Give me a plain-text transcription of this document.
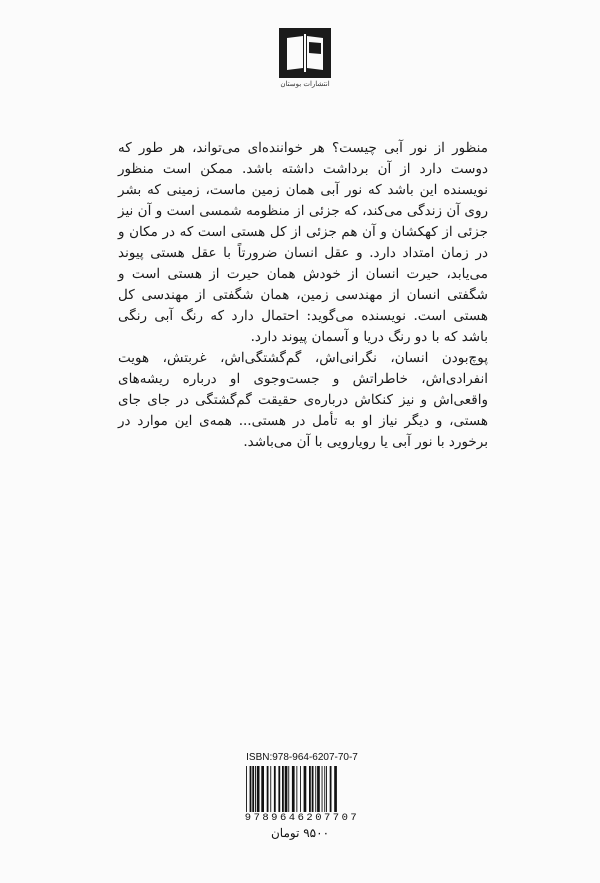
انتشارات بوستان

منظور از نور آبی چیست؟ هر خواننده‌ای می‌تواند، هر طور که دوست دارد از آن برداشت داشته باشد. ممکن است منظور نویسنده این باشد که نور آبی همان زمین ماست، زمینی که بشر روی آن زندگی می‌کند، که جزئی از منظومه شمسی است و آن نیز جزئی از کهکشان و آن هم جزئی از کل هستی است که در مکان و در زمان امتداد دارد. و عقل انسان ضرورتاً با عقل هستی پیوند می‌یابد، حیرت انسان از خودش همان حیرت از هستی است و شگفتی انسان از مهندسی زمین، همان شگفتی از مهندسی کل هستی است. نویسنده می‌گوید: احتمال دارد که رنگ آبی رنگی باشد که با دو رنگ دریا و آسمان پیوند دارد.

پوچ‌بودن انسان، نگرانی‌اش، گم‌گشتگی‌اش، غربتش، هویت انفرادی‌اش، خاطراتش و جست‌وجوی او درباره ریشه‌های واقعی‌اش و نیز کنکاش درباره‌ی حقیقت گم‌گشتگی در جای جای هستی، و دیگر نیاز او به تأمل در هستی... همه‌ی این موارد در برخورد با نور آبی یا رویارویی با آن می‌باشد.

ISBN:978-964-6207-70-7
9789646207707
۹۵۰۰ تومان
